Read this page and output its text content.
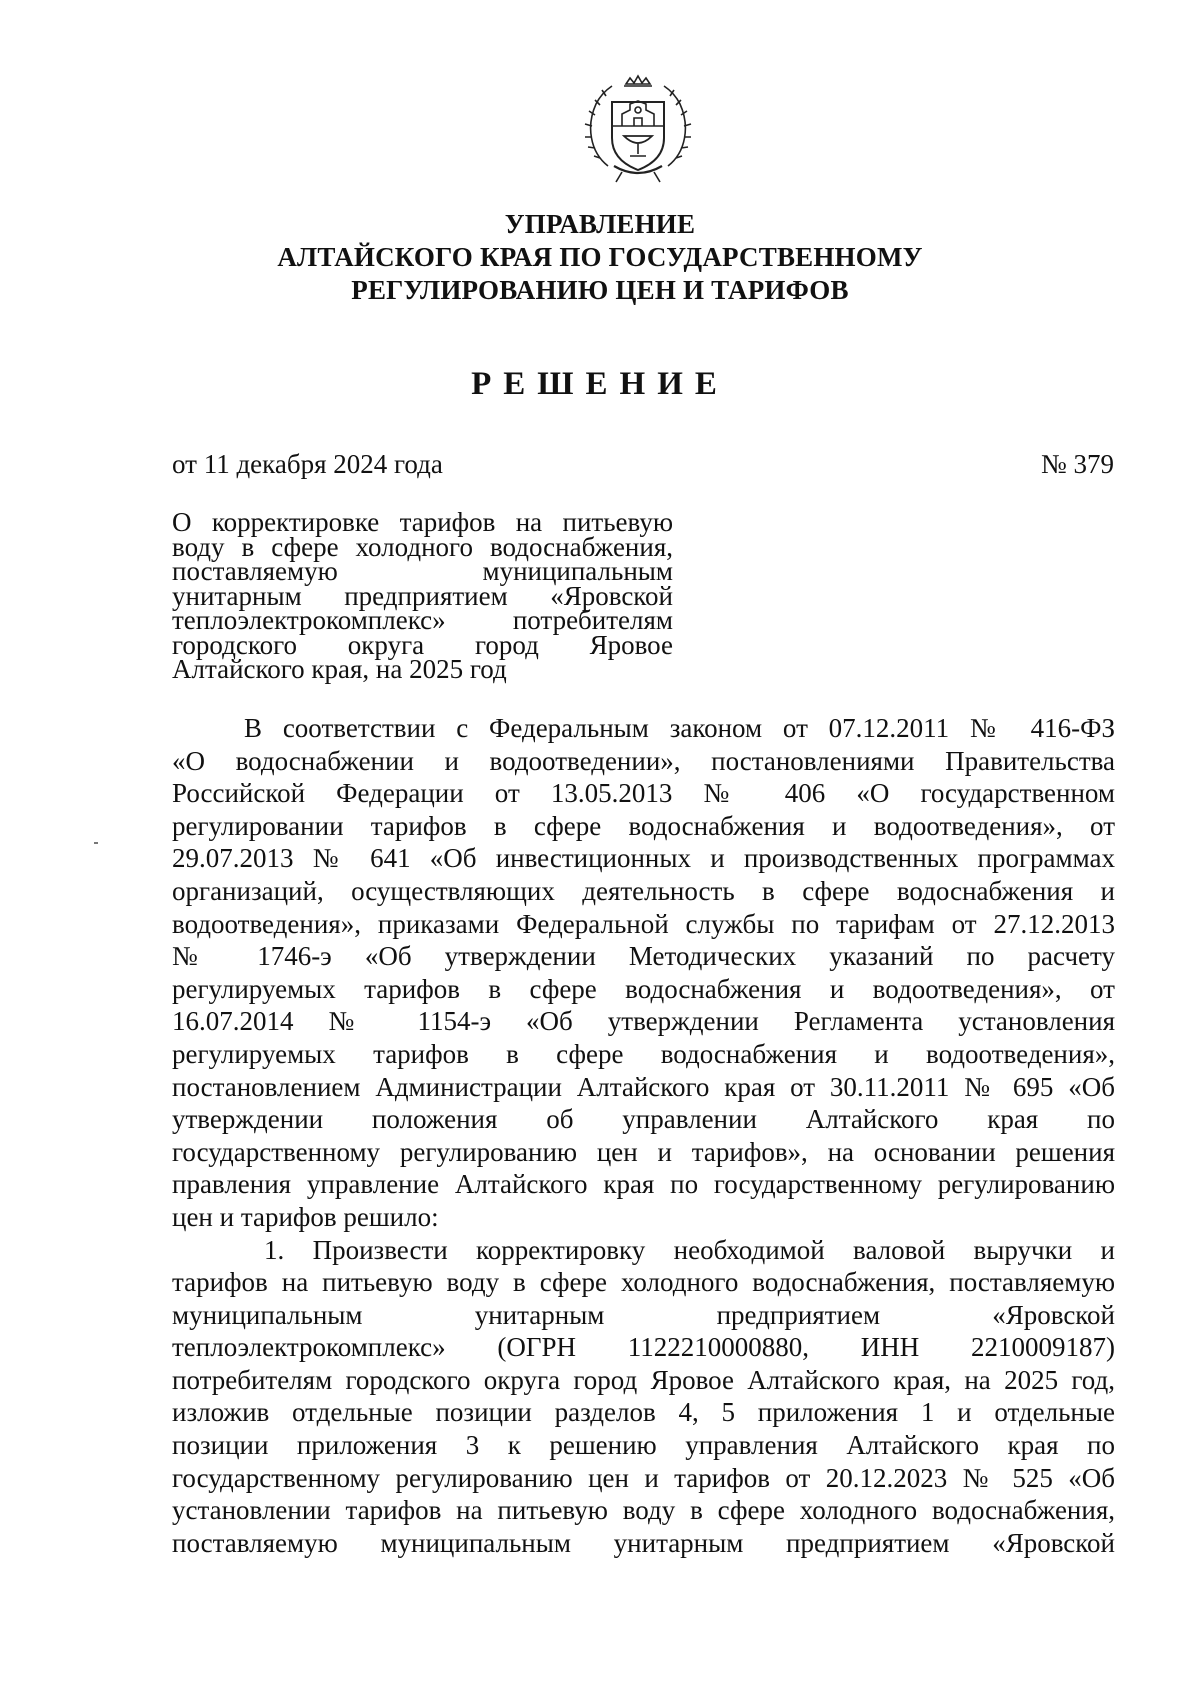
УПРАВЛЕНИЕ
АЛТАЙСКОГО КРАЯ ПО ГОСУДАРСТВЕННОМУ
РЕГУЛИРОВАНИЮ ЦЕН И ТАРИФОВ
РЕШЕНИЕ
от 11 декабря 2024 года	№ 379
О корректировке тарифов на питьевую
воду в сфере холодного водоснабжения,
поставляемую муниципальным
унитарным предприятием «Яровской
теплоэлектрокомплекс» потребителям
городского округа город Яровое
Алтайского края, на 2025 год
В соответствии с Федеральным законом от 07.12.2011 № 416-ФЗ
«О водоснабжении и водоотведении», постановлениями Правительства
Российской Федерации от 13.05.2013 № 406 «О государственном
регулировании тарифов в сфере водоснабжения и водоотведения», от
29.07.2013 № 641 «Об инвестиционных и производственных программах
организаций, осуществляющих деятельность в сфере водоснабжения и
водоотведения», приказами Федеральной службы по тарифам от 27.12.2013
№ 1746-э «Об утверждении Методических указаний по расчету
регулируемых тарифов в сфере водоснабжения и водоотведения», от
16.07.2014 № 1154-э «Об утверждении Регламента установления
регулируемых тарифов в сфере водоснабжения и водоотведения»,
постановлением Администрации Алтайского края от 30.11.2011 № 695 «Об
утверждении положения об управлении Алтайского края по
государственному регулированию цен и тарифов», на основании решения
правления управление Алтайского края по государственному регулированию
цен и тарифов решило:
1. Произвести корректировку необходимой валовой выручки и
тарифов на питьевую воду в сфере холодного водоснабжения, поставляемую
муниципальным унитарным предприятием «Яровской
теплоэлектрокомплекс» (ОГРН 1122210000880, ИНН 2210009187)
потребителям городского округа город Яровое Алтайского края, на 2025 год,
изложив отдельные позиции разделов 4, 5 приложения 1 и отдельные
позиции приложения 3 к решению управления Алтайского края по
государственному регулированию цен и тарифов от 20.12.2023 № 525 «Об
установлении тарифов на питьевую воду в сфере холодного водоснабжения,
поставляемую муниципальным унитарным предприятием «Яровской
